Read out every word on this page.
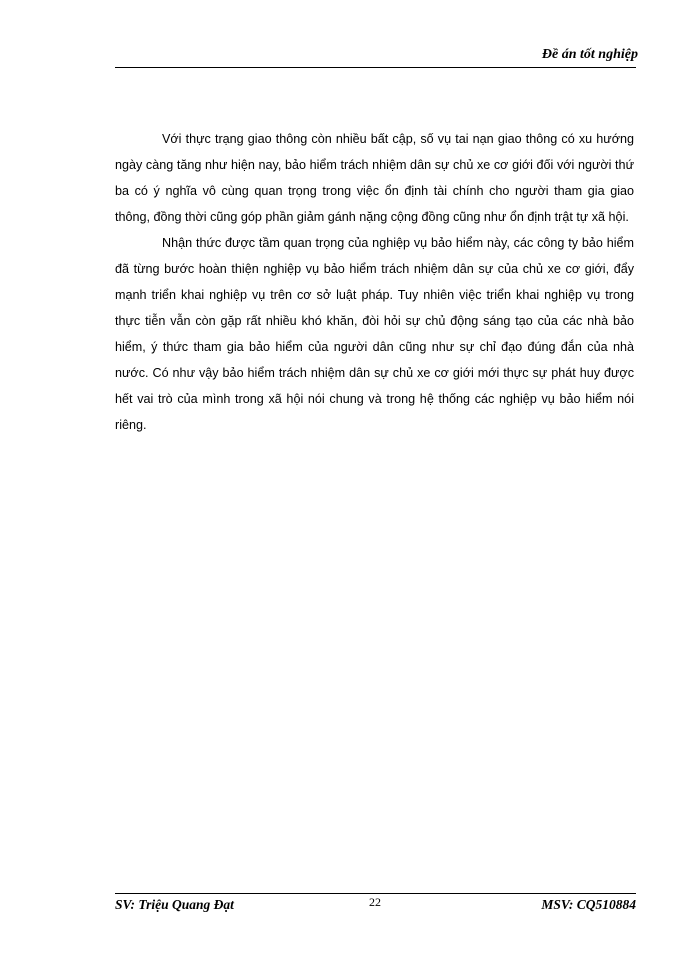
Đề án tốt nghiệp

Với thực trạng giao thông còn nhiều bất cập, số vụ tai nạn giao thông có xu hướng ngày càng tăng như hiện nay, bảo hiểm trách nhiệm dân sự chủ xe cơ giới đối với người thứ ba có ý nghĩa vô cùng quan trọng trong việc ổn định tài chính cho người tham gia giao thông, đồng thời cũng góp phần giảm gánh nặng cộng đồng cũng như ổn định trật tự xã hội.

Nhận thức được tầm quan trọng của nghiệp vụ bảo hiểm này, các công ty bảo hiểm đã từng bước hoàn thiện nghiệp vụ bảo hiểm trách nhiệm dân sự của chủ xe cơ giới, đẩy mạnh triển khai nghiệp vụ trên cơ sở luật pháp. Tuy nhiên việc triển khai nghiệp vụ trong thực tiễn vẫn còn gặp rất nhiều khó khăn, đòi hỏi sự chủ động sáng tạo của các nhà bảo hiểm, ý thức tham gia bảo hiểm của người dân cũng như sự chỉ đạo đúng đắn của nhà nước. Có như vậy bảo hiểm trách nhiệm dân sự chủ xe cơ giới mới thực sự phát huy được hết vai trò của mình trong xã hội nói chung và trong hệ thống các nghiệp vụ bảo hiểm nói riêng.

SV: Triệu Quang Đạt	22	MSV: CQ510884
